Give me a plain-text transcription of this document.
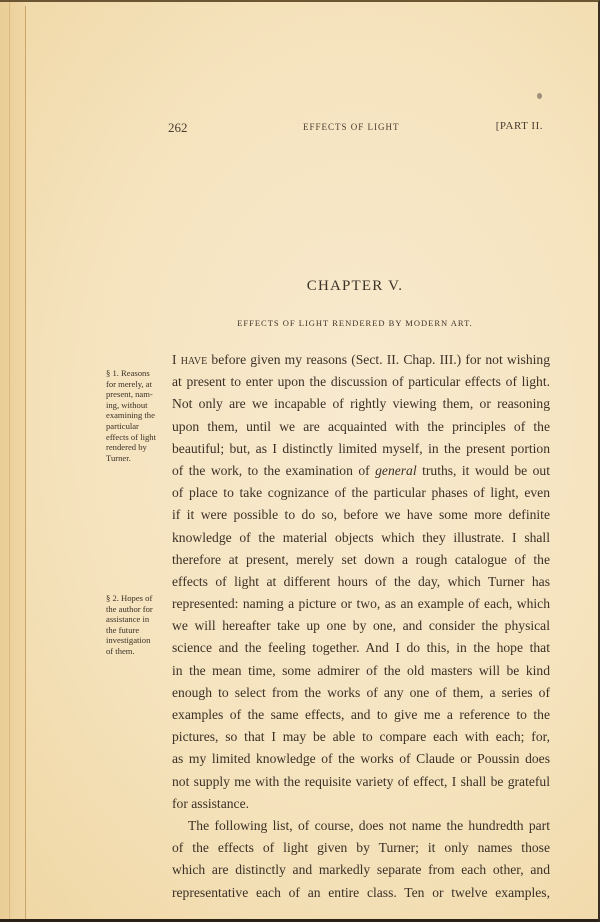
262	EFFECTS OF LIGHT	[PART II.
CHAPTER V.
EFFECTS OF LIGHT RENDERED BY MODERN ART.
§ 1. Reasons
for merely, at
present, nam-
ing, without
examining the
particular
effects of light
rendered by
Turner.
§ 2. Hopes of
the author for
assistance in
the future
investigation
of them.
I have before given my reasons (Sect. II. Chap. III.) for not wishing
at present to enter upon the discussion of particular effects of light.
Not only are we incapable of rightly viewing them, or reasoning
upon them, until we are acquainted with the principles of the
beautiful; but, as I distinctly limited myself, in the present portion
of the work, to the examination of general truths, it would be out
of place to take cognizance of the particular phases of light, even
if it were possible to do so, before we have some more definite
knowledge of the material objects which they illustrate. I shall
therefore at present, merely set down a rough catalogue of the
effects of light at different hours of the day, which Turner has
represented: naming a picture or two, as an example of each, which
we will hereafter take up one by one, and consider the physical
science and the feeling together. And I do this, in the hope that
in the mean time, some admirer of the old masters will be kind
enough to select from the works of any one of them, a series of
examples of the same effects, and to give me a reference to the
pictures, so that I may be able to compare each with each; for,
as my limited knowledge of the works of Claude or Poussin does
not supply me with the requisite variety of effect, I shall be grateful
for assistance.
The following list, of course, does not name the hundredth part
of the effects of light given by Turner; it only names those
which are distinctly and markedly separate from each other, and
representative each of an entire class. Ten or twelve examples,
